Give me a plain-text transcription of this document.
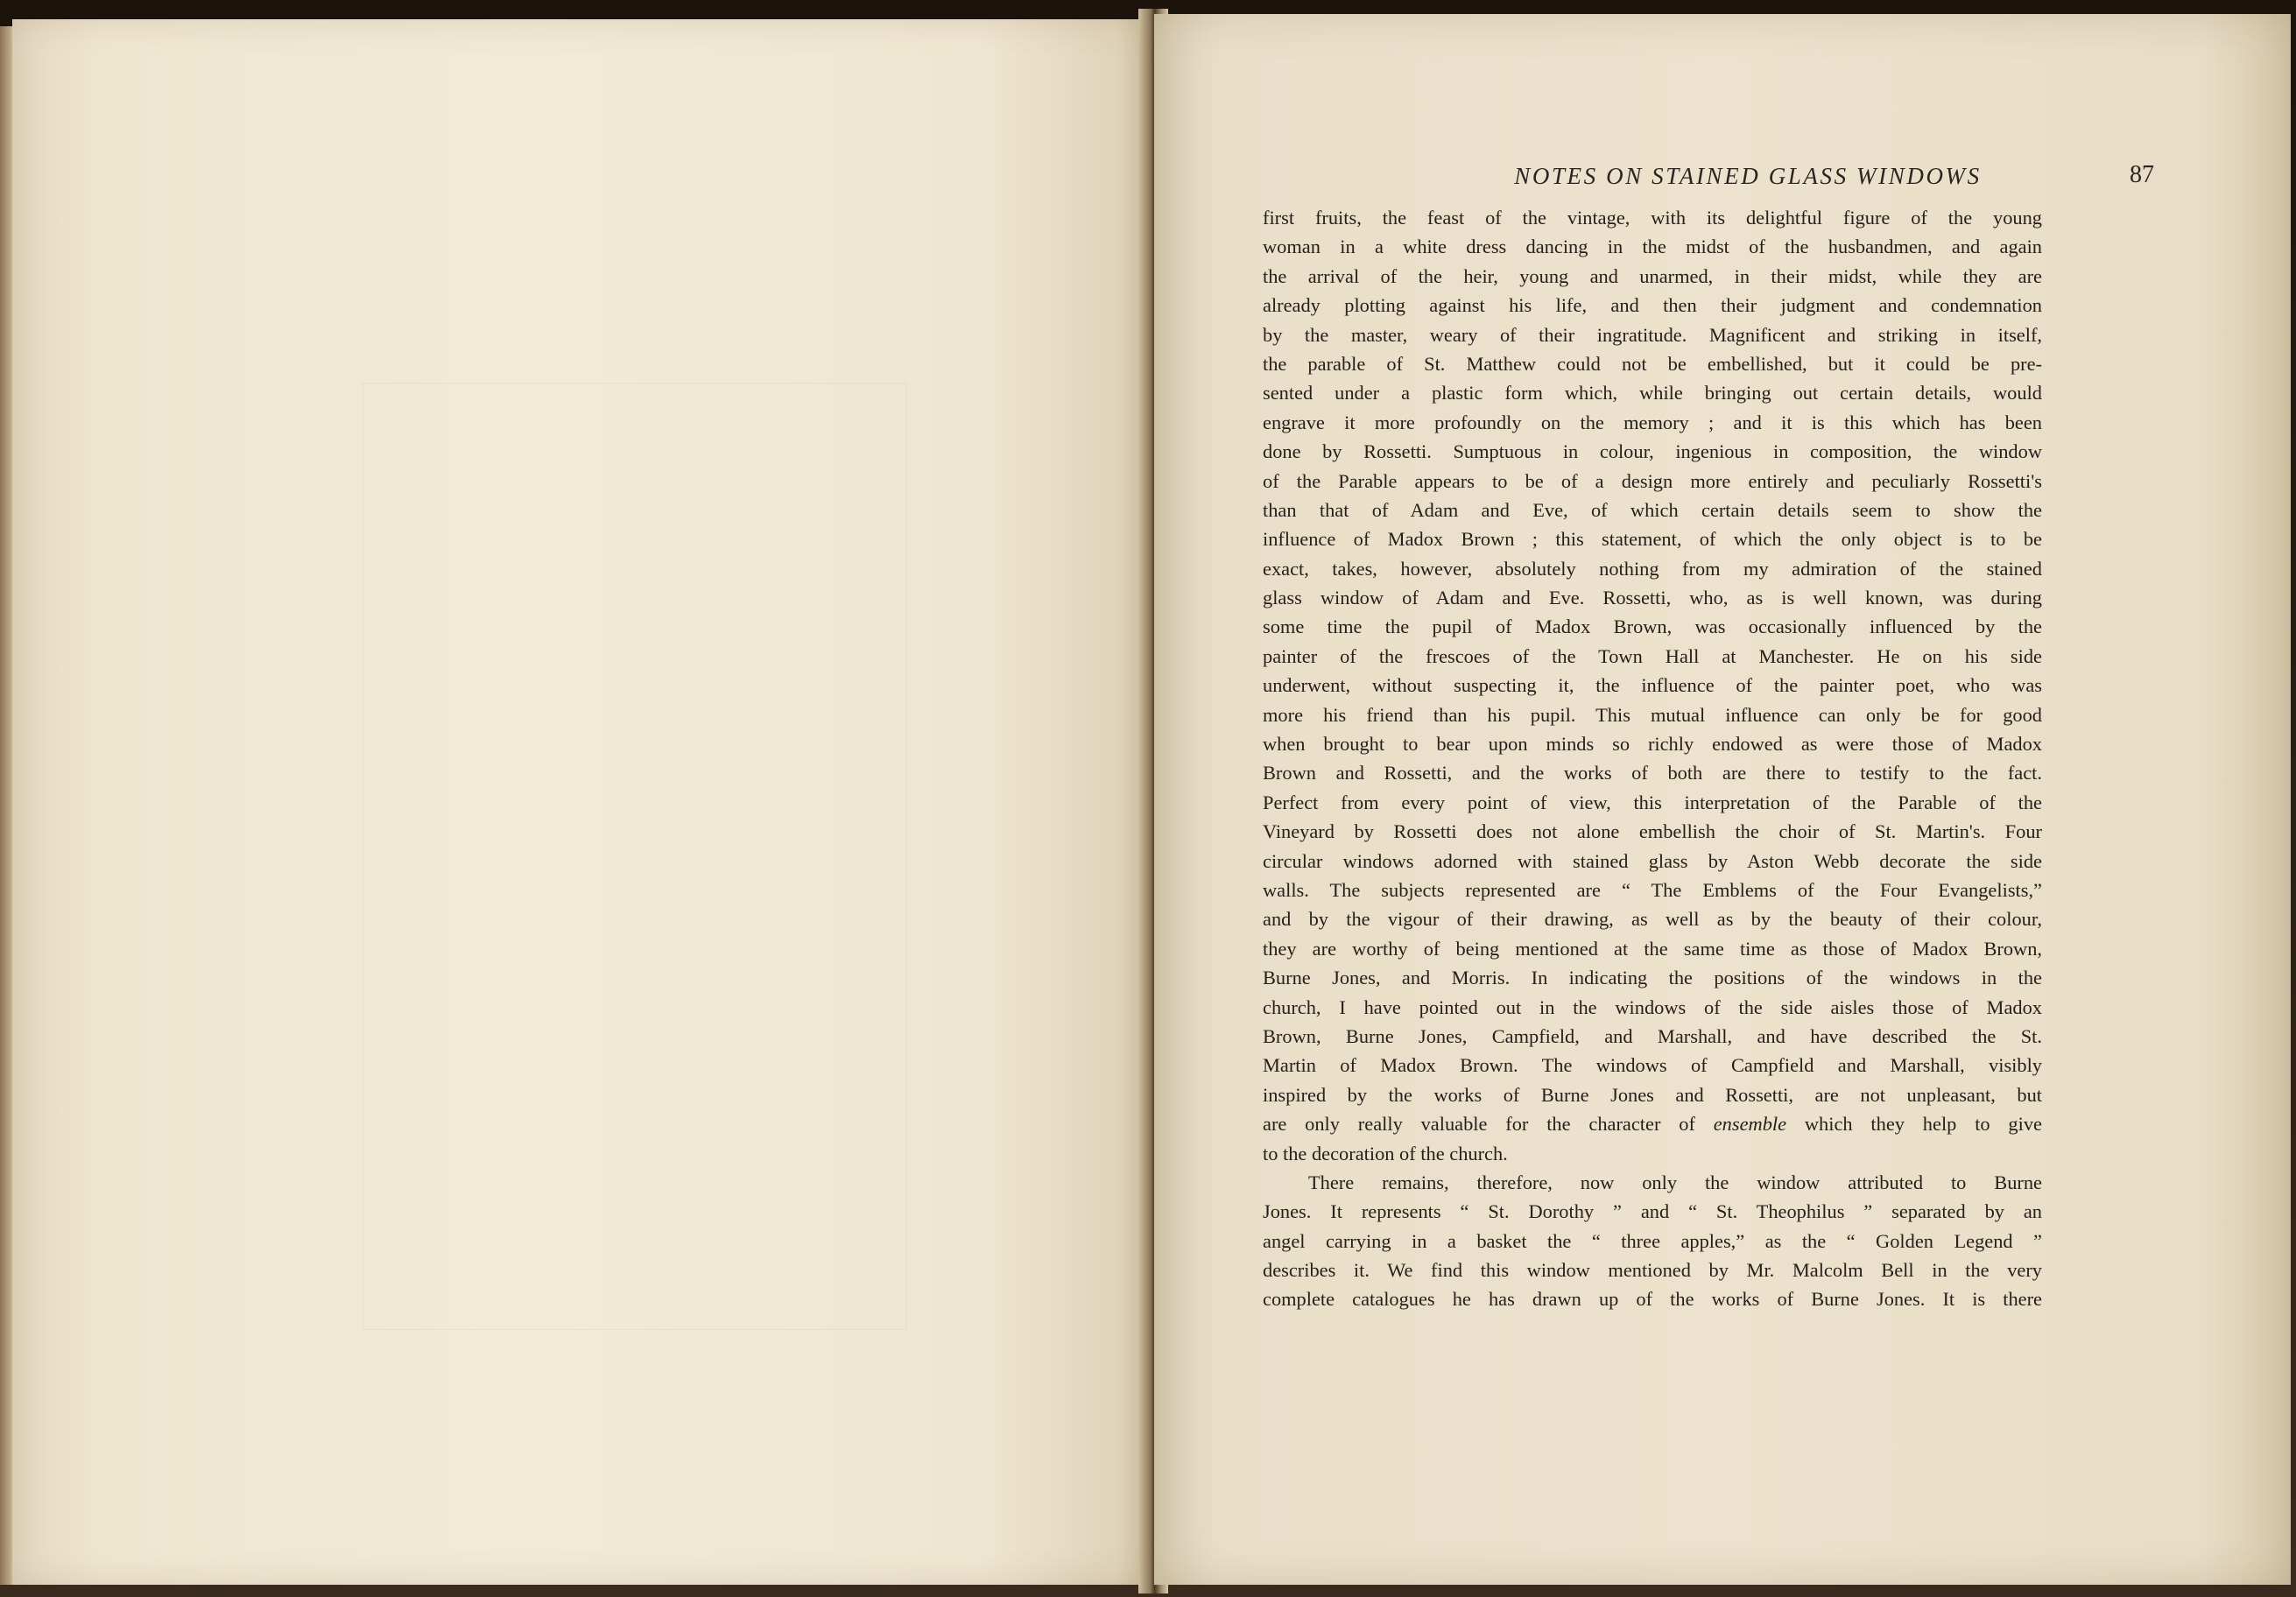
NOTES ON STAINED GLASS WINDOWS	87
first fruits, the feast of the vintage, with its delightful figure of the young
woman in a white dress dancing in the midst of the husbandmen, and again
the arrival of the heir, young and unarmed, in their midst, while they are
already plotting against his life, and then their judgment and condemnation
by the master, weary of their ingratitude. Magnificent and striking in itself,
the parable of St. Matthew could not be embellished, but it could be pre-
sented under a plastic form which, while bringing out certain details, would
engrave it more profoundly on the memory ; and it is this which has been
done by Rossetti. Sumptuous in colour, ingenious in composition, the window
of the Parable appears to be of a design more entirely and peculiarly Rossetti's
than that of Adam and Eve, of which certain details seem to show the
influence of Madox Brown ; this statement, of which the only object is to be
exact, takes, however, absolutely nothing from my admiration of the stained
glass window of Adam and Eve. Rossetti, who, as is well known, was during
some time the pupil of Madox Brown, was occasionally influenced by the
painter of the frescoes of the Town Hall at Manchester. He on his side
underwent, without suspecting it, the influence of the painter poet, who was
more his friend than his pupil. This mutual influence can only be for good
when brought to bear upon minds so richly endowed as were those of Madox
Brown and Rossetti, and the works of both are there to testify to the fact.
Perfect from every point of view, this interpretation of the Parable of the
Vineyard by Rossetti does not alone embellish the choir of St. Martin's. Four
circular windows adorned with stained glass by Aston Webb decorate the side
walls. The subjects represented are “ The Emblems of the Four Evangelists,”
and by the vigour of their drawing, as well as by the beauty of their colour,
they are worthy of being mentioned at the same time as those of Madox Brown,
Burne Jones, and Morris. In indicating the positions of the windows in the
church, I have pointed out in the windows of the side aisles those of Madox
Brown, Burne Jones, Campfield, and Marshall, and have described the St.
Martin of Madox Brown. The windows of Campfield and Marshall, visibly
inspired by the works of Burne Jones and Rossetti, are not unpleasant, but
are only really valuable for the character of ensemble which they help to give
to the decoration of the church.
There remains, therefore, now only the window attributed to Burne
Jones. It represents “ St. Dorothy ” and “ St. Theophilus ” separated by an
angel carrying in a basket the “ three apples,” as the “ Golden Legend ”
describes it. We find this window mentioned by Mr. Malcolm Bell in the very
complete catalogues he has drawn up of the works of Burne Jones. It is there
